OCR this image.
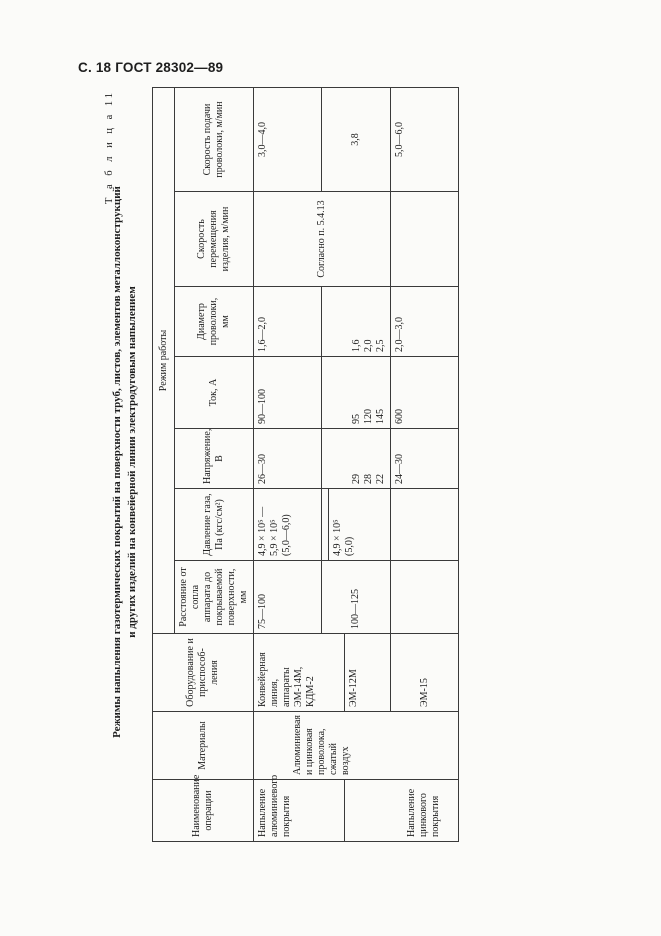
С. 18 ГОСТ 28302—89
Т а б л и ц а 11
Режимы напыления газотермических покрытий на поверхности труб, листов, элементов металлоконструкций и других изделий на конвейерной линии электродуговым напылением
Наименование операции	Материалы	Оборудование и приспособ-ления	Режим работы						
			Расстояние от сопла аппарата до покрываемой поверхности, мм	Давление газа, Па (кгс/см²)	Напряжение, В	Ток, А	Диаметр проволоки, мм	Скорость перемещения изделия, м/мин	Скорость подачи проволоки, м/мин
Напыление алюминиевого покрытия	Алюминиевая и цинковая проволока, сжатый воздух	Конвейерная линия, аппараты ЭМ-14М, КДМ-2	75—100	4,9 × 10⁵ — 5,9 × 10⁵ (5,0—6,0)	26—30	90—100	1,6—2,0	Согласно п. 5.4.13	3,0—4,0
			100—125						3,8

				4,9 × 10⁵ (5,0)					

		ЭМ-12М			29 28 22	95 120 145	1,6 2,0 2,5		

Напыление цинкового покрытия		ЭМ-15			24—30	600	2,0—3,0		5,0—6,0
